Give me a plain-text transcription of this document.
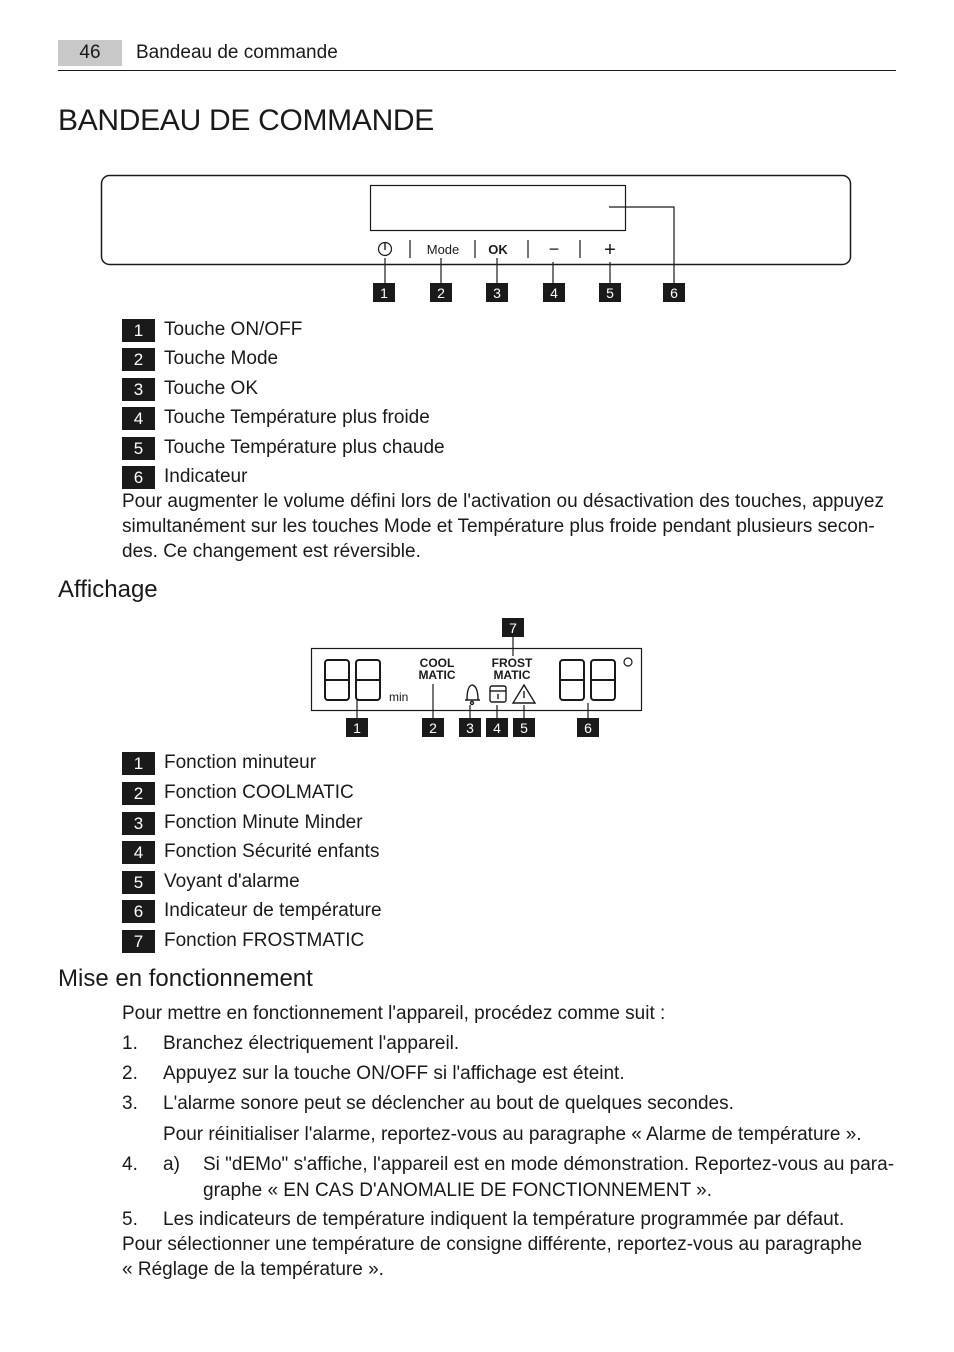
46	Bandeau de commande
BANDEAU DE COMMANDE
Mode OK − +
1	2	3	4	5	6
1	Touche ON/OFF
2	Touche Mode
3	Touche OK
4	Touche Température plus froide
5	Touche Température plus chaude
6	Indicateur
Pour augmenter le volume défini lors de l'activation ou désactivation des touches, appuyez
simultanément sur les touches Mode et Température plus froide pendant plusieurs secon-
des. Ce changement est réversible.
Affichage
min
COOL
MATIC
FROST
MATIC
1	2 3 4 5	6
7
1	Fonction minuteur
2	Fonction COOLMATIC
3	Fonction Minute Minder
4	Fonction Sécurité enfants
5	Voyant d'alarme
6	Indicateur de température
7	Fonction FROSTMATIC
Mise en fonctionnement
Pour mettre en fonctionnement l'appareil, procédez comme suit :
1. Branchez électriquement l'appareil.
2. Appuyez sur la touche ON/OFF si l'affichage est éteint.
3. L'alarme sonore peut se déclencher au bout de quelques secondes.
Pour réinitialiser l'alarme, reportez-vous au paragraphe « Alarme de température ».
4. a) Si "dEMo" s'affiche, l'appareil est en mode démonstration. Reportez-vous au para-
graphe « EN CAS D'ANOMALIE DE FONCTIONNEMENT ».
5. Les indicateurs de température indiquent la température programmée par défaut.
Pour sélectionner une température de consigne différente, reportez-vous au paragraphe
« Réglage de la température ».
